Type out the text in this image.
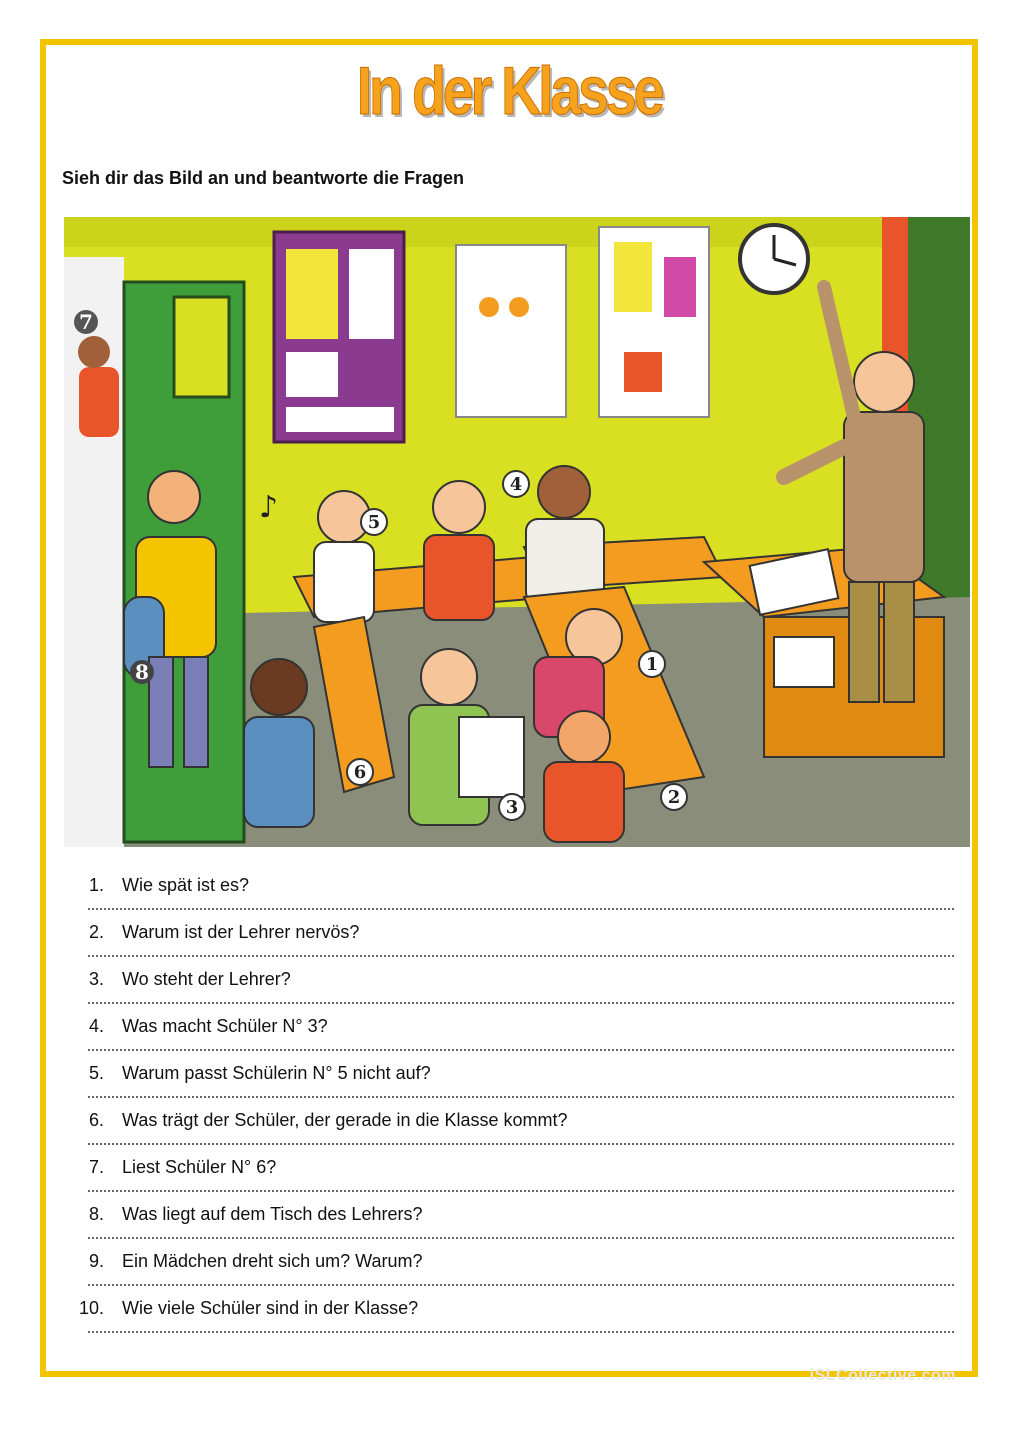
In der Klasse
Sieh dir das Bild an und beantworte die Fragen
♪
7
8
5
4
1
6
3	2
1. Wie spät ist es?
2. Warum ist der Lehrer nervös?
3. Wo steht der Lehrer?
4. Was macht Schüler N° 3?
5. Warum passt Schülerin N° 5 nicht auf?
6. Was trägt der Schüler, der gerade in die Klasse kommt?
7. Liest Schüler N° 6?
8. Was liegt auf dem Tisch des Lehrers?
9. Ein Mädchen dreht sich um? Warum?
10. Wie viele Schüler sind in der Klasse?
iSLCollective.com
